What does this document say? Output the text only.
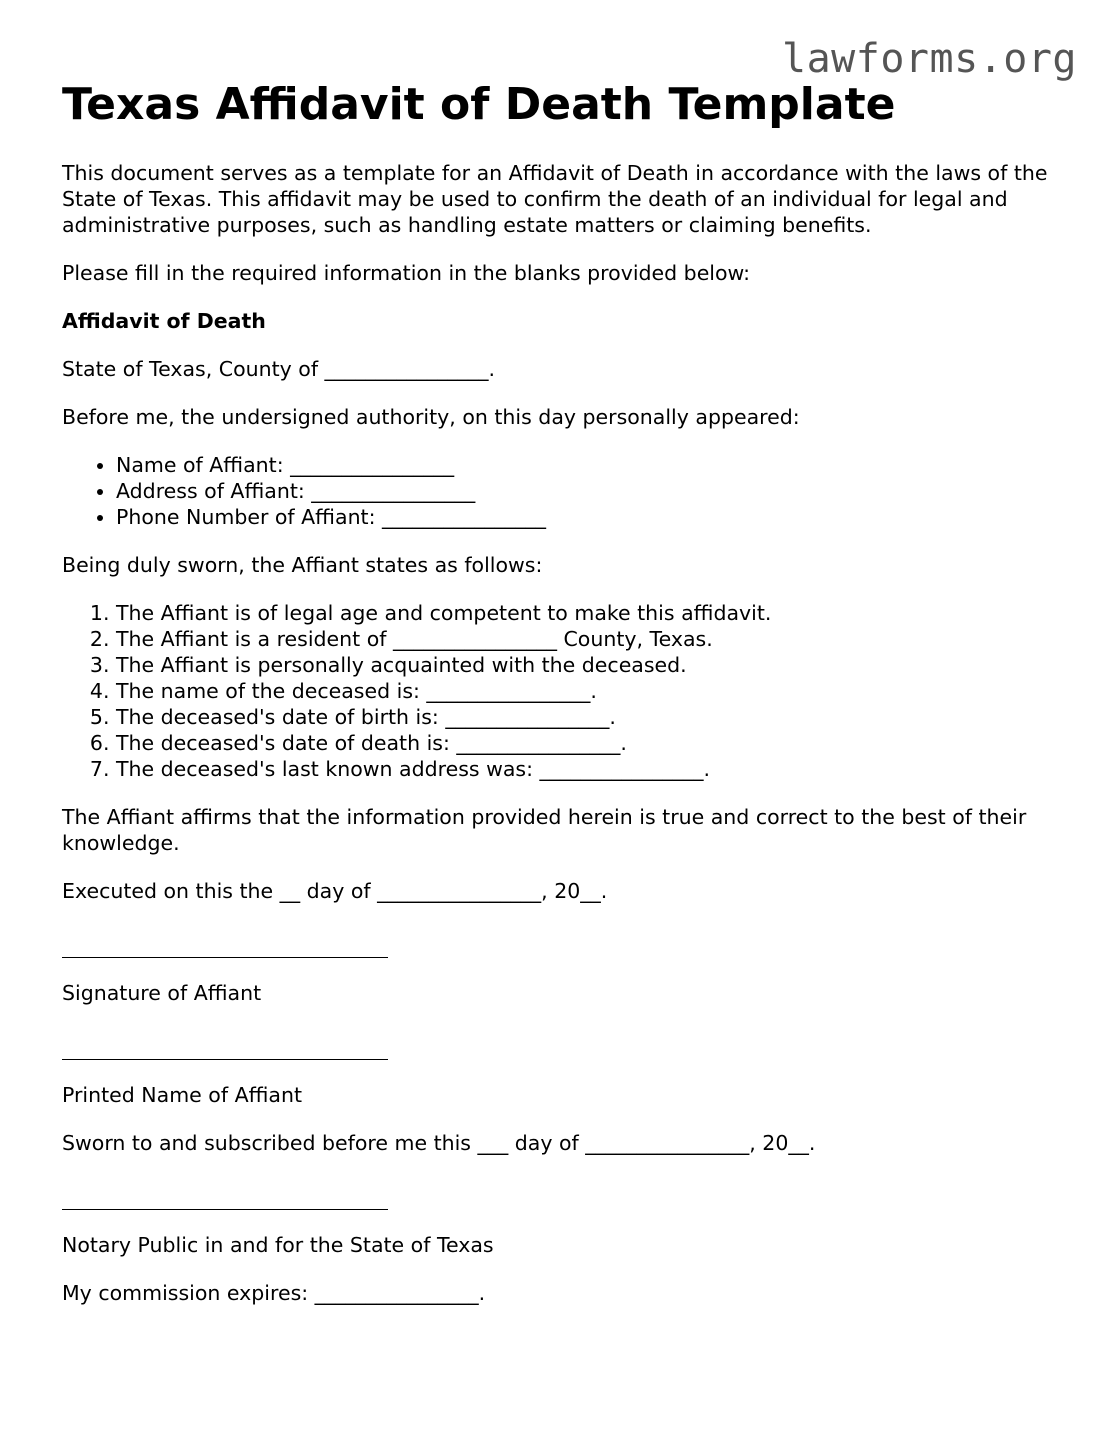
lawforms.org
Texas Affidavit of Death Template

This document serves as a template for an Affidavit of Death in accordance with the laws of the State of Texas. This affidavit may be used to confirm the death of an individual for legal and administrative purposes, such as handling estate matters or claiming benefits.

Please fill in the required information in the blanks provided below:

Affidavit of Death

State of Texas, County of ________________.

Before me, the undersigned authority, on this day personally appeared:

• Name of Affiant: ________________
• Address of Affiant: ________________
• Phone Number of Affiant: ________________

Being duly sworn, the Affiant states as follows:

1. The Affiant is of legal age and competent to make this affidavit.
2. The Affiant is a resident of ________________ County, Texas.
3. The Affiant is personally acquainted with the deceased.
4. The name of the deceased is: ________________.
5. The deceased's date of birth is: ________________.
6. The deceased's date of death is: ________________.
7. The deceased's last known address was: ________________.

The Affiant affirms that the information provided herein is true and correct to the best of their knowledge.

Executed on this the __ day of ________________, 20__.

Signature of Affiant

Printed Name of Affiant

Sworn to and subscribed before me this ___ day of ________________, 20__.

Notary Public in and for the State of Texas

My commission expires: ________________.
